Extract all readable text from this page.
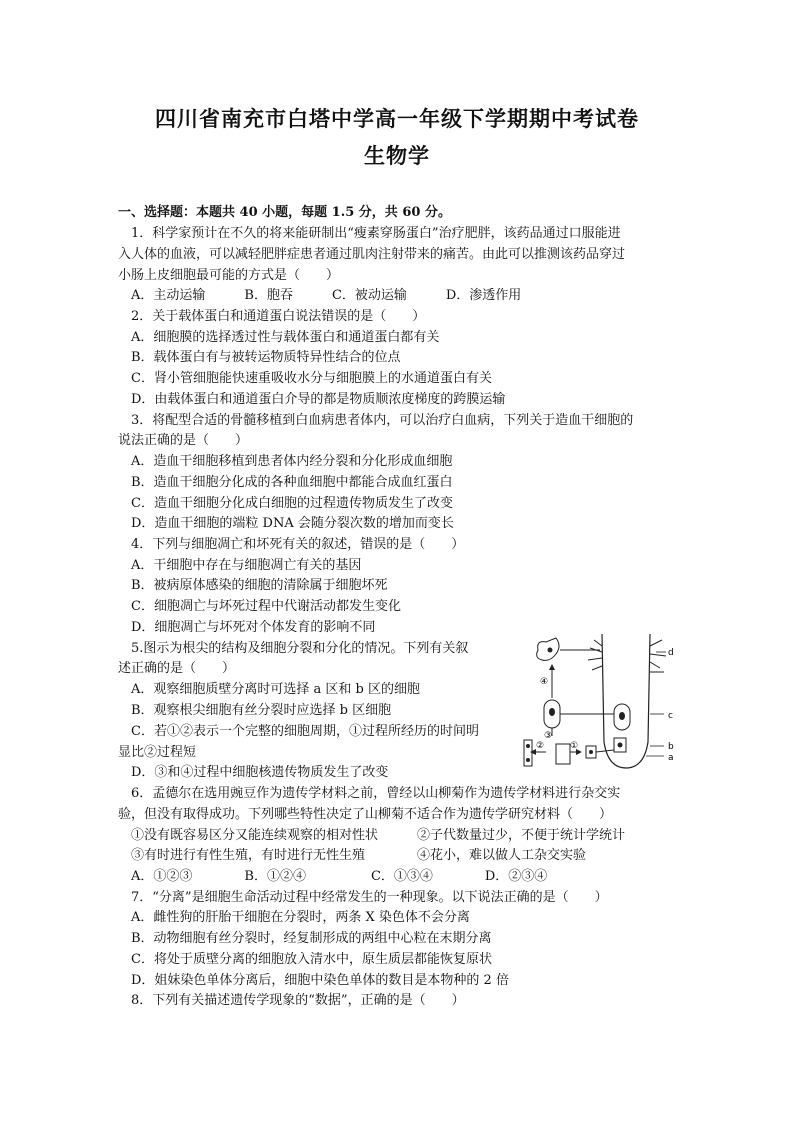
四川省南充市白塔中学高一年级下学期期中考试卷
生物学
一、选择题：本题共 40 小题，每题 1.5 分，共 60 分。
　1．科学家预计在不久的将来能研制出“瘦素穿肠蛋白”治疗肥胖，该药品通过口服能进
入人体的血液，可以减轻肥胖症患者通过肌肉注射带来的痛苦。由此可以推测该药品穿过
小肠上皮细胞最可能的方式是（　　）
　A．主动运输　　　B．胞吞　　　C．被动运输　　　D．渗透作用
　2．关于载体蛋白和通道蛋白说法错误的是（　　）
　A．细胞膜的选择透过性与载体蛋白和通道蛋白都有关
　B．载体蛋白有与被转运物质特异性结合的位点
　C．肾小管细胞能快速重吸收水分与细胞膜上的水通道蛋白有关
　D．由载体蛋白和通道蛋白介导的都是物质顺浓度梯度的跨膜运输
　3．将配型合适的骨髓移植到白血病患者体内，可以治疗白血病，下列关于造血干细胞的
说法正确的是（　　）
　A．造血干细胞移植到患者体内经分裂和分化形成血细胞
　B．造血干细胞分化成的各种血细胞中都能合成血红蛋白
　C．造血干细胞分化成白细胞的过程遗传物质发生了改变
　D．造血干细胞的端粒 DNA 会随分裂次数的增加而变长
　4．下列与细胞凋亡和坏死有关的叙述，错误的是（　　）
　A．干细胞中存在与细胞凋亡有关的基因
　B．被病原体感染的细胞的清除属于细胞坏死
　C．细胞凋亡与坏死过程中代谢活动都发生变化
　D．细胞凋亡与坏死对个体发育的影响不同
　5.图示为根尖的结构及细胞分裂和分化的情况。下列有关叙
述正确的是（　　）
　A．观察细胞质壁分离时可选择 a 区和 b 区的细胞
　B．观察根尖细胞有丝分裂时应选择 b 区细胞
　C．若①②表示一个完整的细胞周期，①过程所经历的时间明
显比②过程短
　D．③和④过程中细胞核遗传物质发生了改变
d
c
b
a
①
②
③
④
　6．孟德尔在选用豌豆作为遗传学材料之前，曾经以山柳菊作为遗传学材料进行杂交实
验，但没有取得成功。下列哪些特性决定了山柳菊不适合作为遗传学研究材料（　　）
　①没有既容易区分又能连续观察的相对性状　　　②子代数量过少，不便于统计学统计
　③有时进行有性生殖，有时进行无性生殖　　　　④花小，难以做人工杂交实验
　A．①②③　　　　B．①②④　　　　　C．①③④　　　　D．②③④
　7．“分离”是细胞生命活动过程中经常发生的一种现象。以下说法正确的是（　　）
　A．雌性狗的肝胎干细胞在分裂时，两条 X 染色体不会分离
　B．动物细胞有丝分裂时，经复制形成的两组中心粒在末期分离
　C．将处于质壁分离的细胞放入清水中，原生质层都能恢复原状
　D．姐妹染色单体分离后，细胞中染色单体的数目是本物种的 2 倍
　8．下列有关描述遗传学现象的“数据”，正确的是（　　）
